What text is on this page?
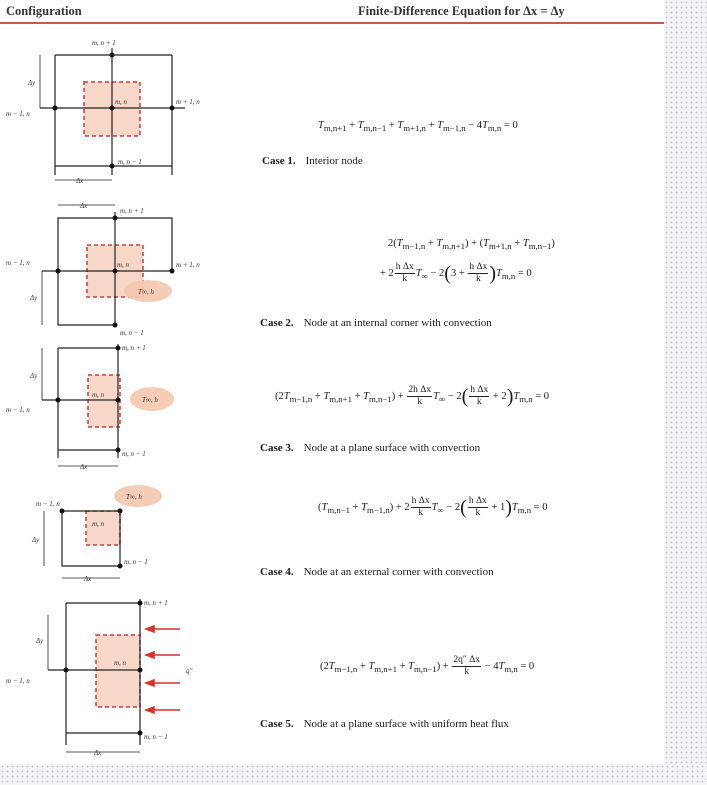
Configuration	Finite-Difference Equation for Δx = Δy
m, n + 1
m, n − 1
m − 1, n
m + 1, n
m, n
Δy
Δx
$T_{m,n+1} + T_{m,n-1} + T_{m+1,n} + T_{m-1,n} - 4T_{m,n} = 0$
Case 1. Interior node
m, n + 1
m, n − 1
m − 1, n	m + 1, n
m, n
T∞, h
Δx
Δy
$2(T_{m-1,n} + T_{m,n+1}) + (T_{m+1,n} + T_{m,n-1})$
+ $2 \frac{\text{h Δx}}{k} T_\infty - 2(3 + \frac{\text{h Δx}}{k} )T_{m,n} = 0$
Case 2. Node at an internal corner with convection
m, n + 1
m, n − 1
m − 1, n
m, n
T∞, h
Δy
Δx
$(2T_{m-1,n} + T_{m,n+1} + T_{m,n-1}) + \frac{\text{2h Δx}}{k} T_\infty - 2( \frac{\text{h Δx}}{k} + 2)T_{m,n} = 0$
Case 3. Node at a plane surface with convection
m − 1, n
m, n
m, n − 1
T∞, h
Δy
Δx
$(T_{m,n-1} + T_{m-1,n}) + 2 \frac{\text{h Δx}}{k} T_\infty - 2( \frac{\text{h Δx}}{k} + 1)T_{m,n} = 0$
Case 4. Node at an external corner with convection
m, n + 1
m, n − 1
m − 1, n
m, n
q″
Δy
Δx
$(2T_{m-1,n} + T_{m,n+1} + T_{m,n-1}) + \frac{2q'' \Delta x}{k} - 4T_{m,n} = 0$
Case 5. Node at a plane surface with uniform heat flux
